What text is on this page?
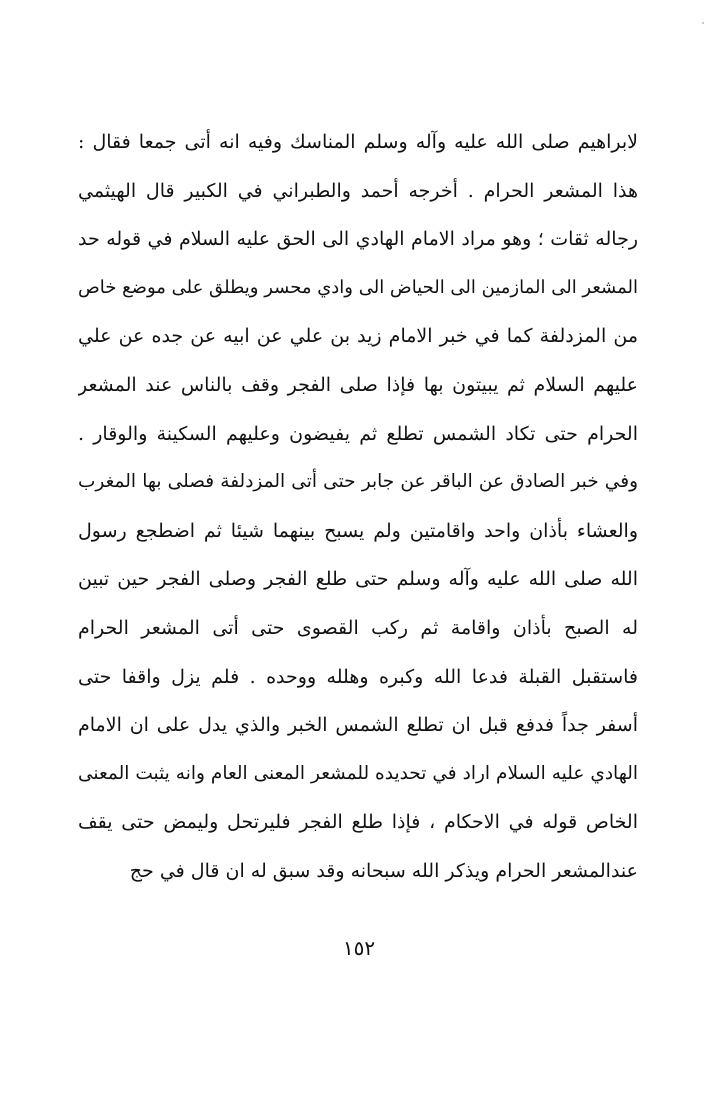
لابراهيم صلى الله عليه وآله وسلم المناسك وفيه انه أتى جمعا فقال :
هذا المشعر الحرام . أخرجه أحمد والطبراني في الكبير قال الهيثمي
رجاله ثقات ؛ وهو مراد الامام الهادي الى الحق عليه السلام في قوله حد
المشعر الى المازمين الى الحياض الى وادي محسر ويطلق على موضع خاص
من المزدلفة كما في خبر الامام زيد بن علي عن ابيه عن جده عن علي
عليهم السلام ثم يبيتون بها فإذا صلى الفجر وقف بالناس عند المشعر
الحرام حتى تكاد الشمس تطلع ثم يفيضون وعليهم السكينة والوقار .
وفي خبر الصادق عن الباقر عن جابر حتى أتى المزدلفة فصلى بها المغرب
والعشاء بأذان واحد واقامتين ولم يسبح بينهما شيئا ثم اضطجع رسول
الله صلى الله عليه وآله وسلم حتى طلع الفجر وصلى الفجر حين تبين
له الصبح بأذان واقامة ثم ركب القصوى حتى أتى المشعر الحرام
فاستقبل القبلة فدعا الله وكبره وهلله ووحده . فلم يزل واقفا حتى
أسفر جداً فدفع قبل ان تطلع الشمس الخبر والذي يدل على ان الامام
الهادي عليه السلام اراد في تحديده للمشعر المعنى العام وانه يثبت المعنى
الخاص قوله في الاحكام ، فإذا طلع الفجر فليرتحل وليمض حتى يقف
عندالمشعر الحرام ويذكر الله سبحانه وقد سبق له ان قال في حج
١٥٢
